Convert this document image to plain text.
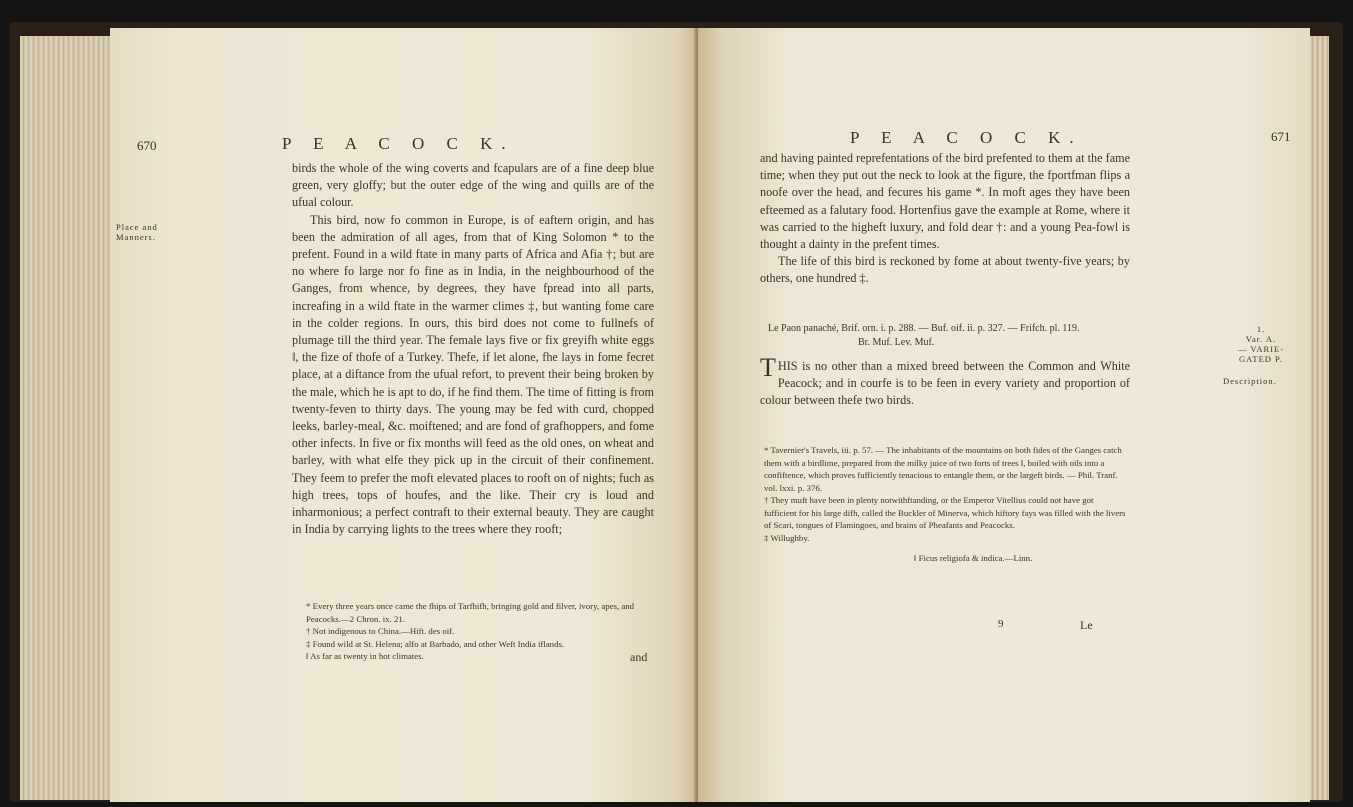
670	P E A C O C K.
Place and
Manners.

birds the whole of the wing coverts and fcapulars are of a fine deep blue green, very gloffy; but the outer edge of the wing and quills are of the ufual colour.

This bird, now fo common in Europe, is of eaftern origin, and has been the admiration of all ages, from that of King Solomon * to the prefent. Found in a wild ftate in many parts of Africa and Afia †; but are no where fo large nor fo fine as in India, in the neighbourhood of the Ganges, from whence, by degrees, they have fpread into all parts, increafing in a wild ftate in the warmer climes ‡, but wanting fome care in the colder regions. In ours, this bird does not come to fullnefs of plumage till the third year. The female lays five or fix greyifh white eggs ‖, the fize of thofe of a Turkey. Thefe, if let alone, fhe lays in fome fecret place, at a diftance from the ufual refort, to prevent their being broken by the male, which he is apt to do, if he find them. The time of fitting is from twenty-feven to thirty days. The young may be fed with curd, chopped leeks, barley-meal, &c. moiftened; and are fond of grafhoppers, and fome other infects. In five or fix months will feed as the old ones, on wheat and barley, with what elfe they pick up in the circuit of their confinement. They feem to prefer the moft elevated places to rooft on of nights; fuch as high trees, tops of houfes, and the like. Their cry is loud and inharmonious; a perfect contraft to their external beauty. They are caught in India by carrying lights to the trees where they rooft;

* Every three years once came the fhips of Tarfhifh, bringing gold and filver, ivory, apes, and Peacocks.—2 Chron. ix. 21.

† Not indigenous to China.—Hift. des oif.

‡ Found wild at St. Helena; alfo at Barbado, and other Weft India iflands.

‖ As far as twenty in hot climates.	and
P E A C O C K.	671

and having painted reprefentations of the bird prefented to them at the fame time; when they put out the neck to look at the figure, the fportfman flips a noofe over the head, and fecures his game *. In moft ages they have been efteemed as a falutary food. Hortenfius gave the example at Rome, where it was carried to the higheft luxury, and fold dear †: and a young Pea-fowl is thought a dainty in the prefent times.

The life of this bird is reckoned by fome at about twenty-five years; by others, one hundred ‡.

Le Paon panaché, Brif. orn. i. p. 288. — Buf. oif. ii. p. 327. — Frifch. pl. 119.

Br. Muf. Lev. Muf.

1.
Var. A.
— VARIE-
GATED P.
Description.

THIS is no other than a mixed breed between the Common and White Peacock; and in courfe is to be feen in every variety and proportion of colour between thefe two birds.

* Tavernier's Travels, iii. p. 57. — The inhabitants of the mountains on both fides of the Ganges catch them with a birdlime, prepared from the milky juice of two forts of trees ‖, boiled with oils into a confiftence, which proves fufficiently tenacious to entangle them, or the largeft birds. — Phil. Tranf. vol. lxxi. p. 376.

† They muft have been in plenty notwithftanding, or the Emperor Vitellius could not have got fufficient for his large difh, called the Buckler of Minerva, which hiftory fays was filled with the livers of Scari, tongues of Flamingoes, and brains of Pheafants and Peacocks.

‡ Willughby.

‖ Ficus religiofa & indica.—Linn.

9	Le
